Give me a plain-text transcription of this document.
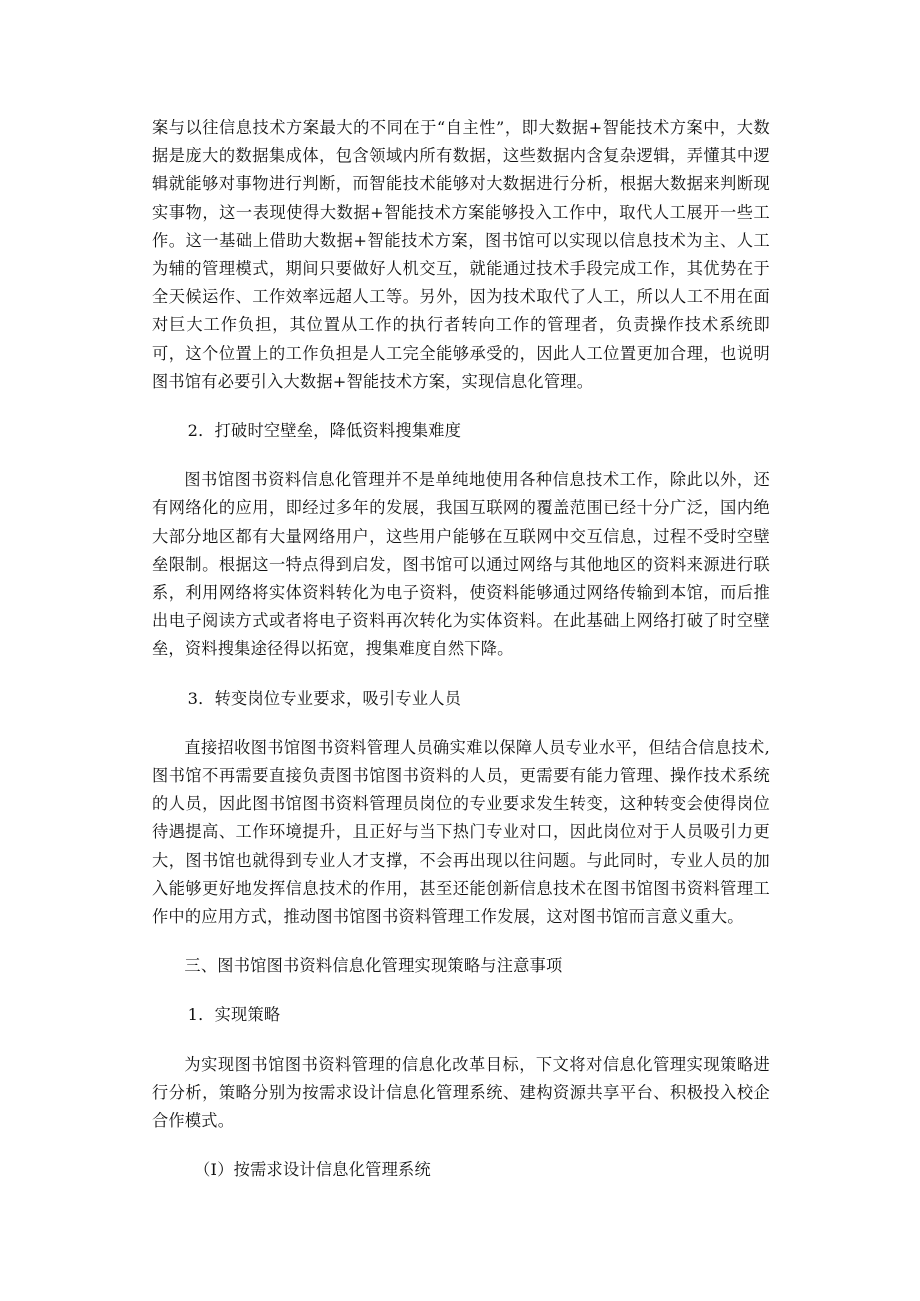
案与以往信息技术方案最大的不同在于“自主性”，即大数据+智能技术方案中，大数据是庞大的数据集成体，包含领域内所有数据，这些数据内含复杂逻辑，弄懂其中逻辑就能够对事物进行判断，而智能技术能够对大数据进行分析，根据大数据来判断现实事物，这一表现使得大数据+智能技术方案能够投入工作中，取代人工展开一些工作。这一基础上借助大数据+智能技术方案，图书馆可以实现以信息技术为主、人工为辅的管理模式，期间只要做好人机交互，就能通过技术手段完成工作，其优势在于全天候运作、工作效率远超人工等。另外，因为技术取代了人工，所以人工不用在面对巨大工作负担，其位置从工作的执行者转向工作的管理者，负责操作技术系统即可，这个位置上的工作负担是人工完全能够承受的，因此人工位置更加合理，也说明图书馆有必要引入大数据+智能技术方案，实现信息化管理。

2．打破时空壁垒，降低资料搜集难度

图书馆图书资料信息化管理并不是单纯地使用各种信息技术工作，除此以外，还有网络化的应用，即经过多年的发展，我国互联网的覆盖范围已经十分广泛，国内绝大部分地区都有大量网络用户，这些用户能够在互联网中交互信息，过程不受时空壁垒限制。根据这一特点得到启发，图书馆可以通过网络与其他地区的资料来源进行联系，利用网络将实体资料转化为电子资料，使资料能够通过网络传输到本馆，而后推出电子阅读方式或者将电子资料再次转化为实体资料。在此基础上网络打破了时空壁垒，资料搜集途径得以拓宽，搜集难度自然下降。

3．转变岗位专业要求，吸引专业人员

直接招收图书馆图书资料管理人员确实难以保障人员专业水平，但结合信息技术,图书馆不再需要直接负责图书馆图书资料的人员，更需要有能力管理、操作技术系统的人员，因此图书馆图书资料管理员岗位的专业要求发生转变，这种转变会使得岗位待遇提高、工作环境提升，且正好与当下热门专业对口，因此岗位对于人员吸引力更大，图书馆也就得到专业人才支撑，不会再出现以往问题。与此同时，专业人员的加入能够更好地发挥信息技术的作用，甚至还能创新信息技术在图书馆图书资料管理工作中的应用方式，推动图书馆图书资料管理工作发展，这对图书馆而言意义重大。

三、图书馆图书资料信息化管理实现策略与注意事项

1．实现策略

为实现图书馆图书资料管理的信息化改革目标，下文将对信息化管理实现策略进行分析，策略分别为按需求设计信息化管理系统、建构资源共享平台、积极投入校企合作模式。

（I）按需求设计信息化管理系统
